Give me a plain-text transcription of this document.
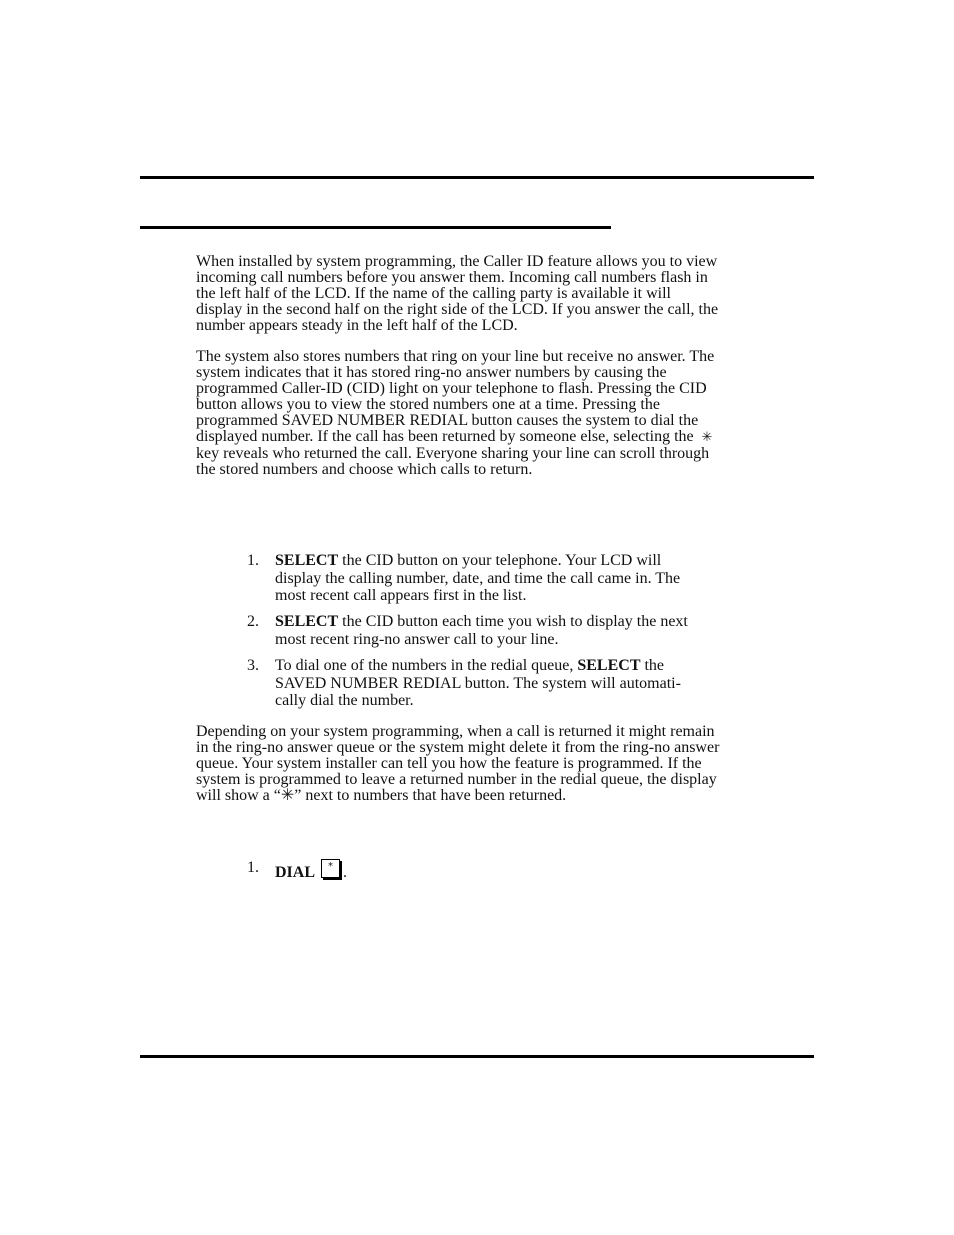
When installed by system programming, the Caller ID feature allows you to view
incoming call numbers before you answer them. Incoming call numbers flash in
the left half of the LCD. If the name of the calling party is available it will
display in the second half on the right side of the LCD. If you answer the call, the
number appears steady in the left half of the LCD.

The system also stores numbers that ring on your line but receive no answer. The
system indicates that it has stored ring-no answer numbers by causing the
programmed Caller-ID (CID) light on your telephone to flash. Pressing the CID
button allows you to view the stored numbers one at a time. Pressing the
programmed SAVED NUMBER REDIAL button causes the system to dial the
displayed number. If the call has been returned by someone else, selecting the ✳
key reveals who returned the call. Everyone sharing your line can scroll through
the stored numbers and choose which calls to return.

1. SELECT the CID button on your telephone. Your LCD will
display the calling number, date, and time the call came in. The
most recent call appears first in the list.
2. SELECT the CID button each time you wish to display the next
most recent ring-no answer call to your line.
3. To dial one of the numbers in the redial queue, SELECT the
SAVED NUMBER REDIAL button. The system will automati-
cally dial the number.

Depending on your system programming, when a call is returned it might remain
in the ring-no answer queue or the system might delete it from the ring-no answer
queue. Your system installer can tell you how the feature is programmed. If the
system is programmed to leave a returned number in the redial queue, the display
will show a “✳” next to numbers that have been returned.

1. DIAL	* .
